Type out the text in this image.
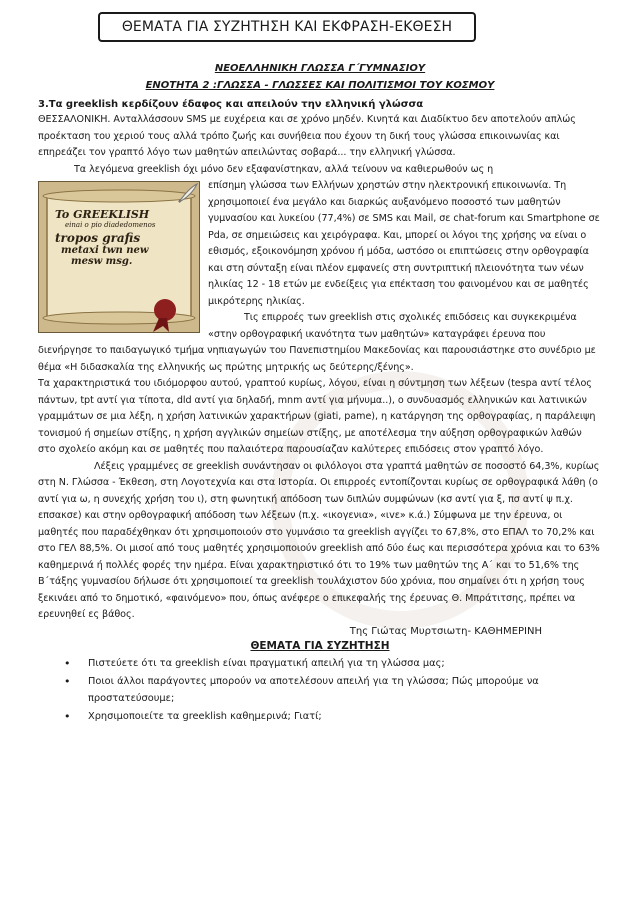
ΘΕΜΑΤΑ ΓΙΑ ΣΥΖΗΤΗΣΗ ΚΑΙ ΕΚΦΡΑΣΗ-ΕΚΘΕΣΗ
ΝΕΟΕΛΛΗΝΙΚΗ ΓΛΩΣΣΑ Γ΄ΓΥΜΝΑΣΙΟΥ
ΕΝΟΤΗΤΑ 2 :ΓΛΩΣΣΑ - ΓΛΩΣΣΕΣ ΚΑΙ ΠΟΛΙΤΙΣΜΟΙ ΤΟΥ ΚΟΣΜΟΥ
3.Τα greeklish κερδίζουν έδαφος και απειλούν την ελληνική γλώσσα

ΘΕΣΣΑΛΟΝΙΚΗ. Ανταλλάσσουν SMS με ευχέρεια και σε χρόνο μηδέν. Κινητά και Διαδίκτυο δεν αποτελούν απλώς προέκταση του χεριού τους αλλά τρόπο ζωής και συνήθεια που έχουν τη δική τους γλώσσα επικοινωνίας και επηρεάζει τον γραπτό λόγο των μαθητών απειλώντας σοβαρά... την ελληνική γλώσσα.

Τα λεγόμενα greeklish όχι μόνο δεν εξαφανίστηκαν, αλλά τείνουν να καθιερωθούν ως η

To GREEKLISH
einai o pio diadedomenos
tropos grafis
metaxi twn new
mesw msg.

επίσημη γλώσσα των Ελλήνων χρηστών στην ηλεκτρονική επικοινωνία. Τη χρησιμοποιεί ένα μεγάλο και διαρκώς αυξανόμενο ποσοστό των μαθητών γυμνασίου και λυκείου (77,4%) σε SMS και Mail, σε chat-forum και Smartphone σε Pda, σε σημειώσεις και χειρόγραφα. Και, μπορεί οι λόγοι της χρήσης να είναι ο εθισμός, εξοικονόμηση χρόνου ή μόδα, ωστόσο οι επιπτώσεις στην ορθογραφία και στη σύνταξη είναι πλέον εμφανείς στη συντριπτική πλειονότητα των νέων ηλικίας 12 - 18 ετών με ενδείξεις για επέκταση του φαινομένου και σε μαθητές μικρότερης ηλικίας.

Τις επιρροές των greeklish στις σχολικές επιδόσεις και συγκεκριμένα «στην ορθογραφική ικανότητα των μαθητών» καταγράφει έρευνα που διενήργησε το παιδαγωγικό τμήμα νηπιαγωγών του Πανεπιστημίου Μακεδονίας και παρουσιάστηκε στο συνέδριο με θέμα «Η διδασκαλία της ελληνικής ως πρώτης μητρικής ως δεύτερης/ξένης».

Τα χαρακτηριστικά του ιδιόμορφου αυτού, γραπτού κυρίως, λόγου, είναι η σύντμηση των λέξεων (tespa αντί τέλος πάντων, tpt αντί για τίποτα, dld αντί για δηλαδή, mnm αντί για μήνυμα..), ο συνδυασμός ελληνικών και λατινικών γραμμάτων σε μια λέξη, η χρήση λατινικών χαρακτήρων (giati, pame), η κατάργηση της ορθογραφίας, η παράλειψη τονισμού ή σημείων στίξης, η χρήση αγγλικών σημείων στίξης, με αποτέλεσμα την αύξηση ορθογραφικών λαθών στο σχολείο ακόμη και σε μαθητές που παλαιότερα παρουσίαζαν καλύτερες επιδόσεις στον γραπτό λόγο.

Λέξεις γραμμένες σε greeklish συνάντησαν οι φιλόλογοι στα γραπτά μαθητών σε ποσοστό 64,3%, κυρίως στη Ν. Γλώσσα - Έκθεση, στη Λογοτεχνία και στα Ιστορία. Οι επιρροές εντοπίζονται κυρίως σε ορθογραφικά λάθη (ο αντί για ω, η συνεχής χρήση του ι), στη φωνητική απόδοση των διπλών συμφώνων (κσ αντί για ξ, πσ αντί ψ π.χ. επσακσε) και στην ορθογραφική απόδοση των λέξεων (π.χ. «ικογενια», «ιvε» κ.ά.) Σύμφωνα με την έρευνα, οι μαθητές που παραδέχθηκαν ότι χρησιμοποιούν στο γυμνάσιο τα greeklish αγγίζει το 67,8%, στο ΕΠΑΛ το 70,2% και στο ΓΕΛ 88,5%. Οι μισοί από τους μαθητές χρησιμοποιούν greeklish από δύο έως και περισσότερα χρόνια και το 63% καθημερινά ή πολλές φορές την ημέρα. Είναι χαρακτηριστικό ότι το 19% των μαθητών της Α΄ και το 51,6% της Β΄τάξης γυμνασίου δήλωσε ότι χρησιμοποιεί τα greeklish τουλάχιστον δύο χρόνια, που σημαίνει ότι η χρήση τους ξεκινάει από το δημοτικό, «φαινόμενο» που, όπως ανέφερε ο επικεφαλής της έρευνας Θ. Μπράτιτσης, πρέπει να ερευνηθεί ες βάθος.

Της Γιώτας Μυρτσιωτη- ΚΑΘΗΜΕΡΙΝΗ
ΘΕΜΑΤΑ ΓΙΑ ΣΥΖΗΤΗΣΗ
• Πιστεύετε ότι τα greeklish είναι πραγματική απειλή για τη γλώσσα μας;
• Ποιοι άλλοι παράγοντες μπορούν να αποτελέσουν απειλή για τη γλώσσα; Πώς μπορούμε να προστατεύσουμε;
• Χρησιμοποιείτε τα greeklish καθημερινά; Γιατί;
